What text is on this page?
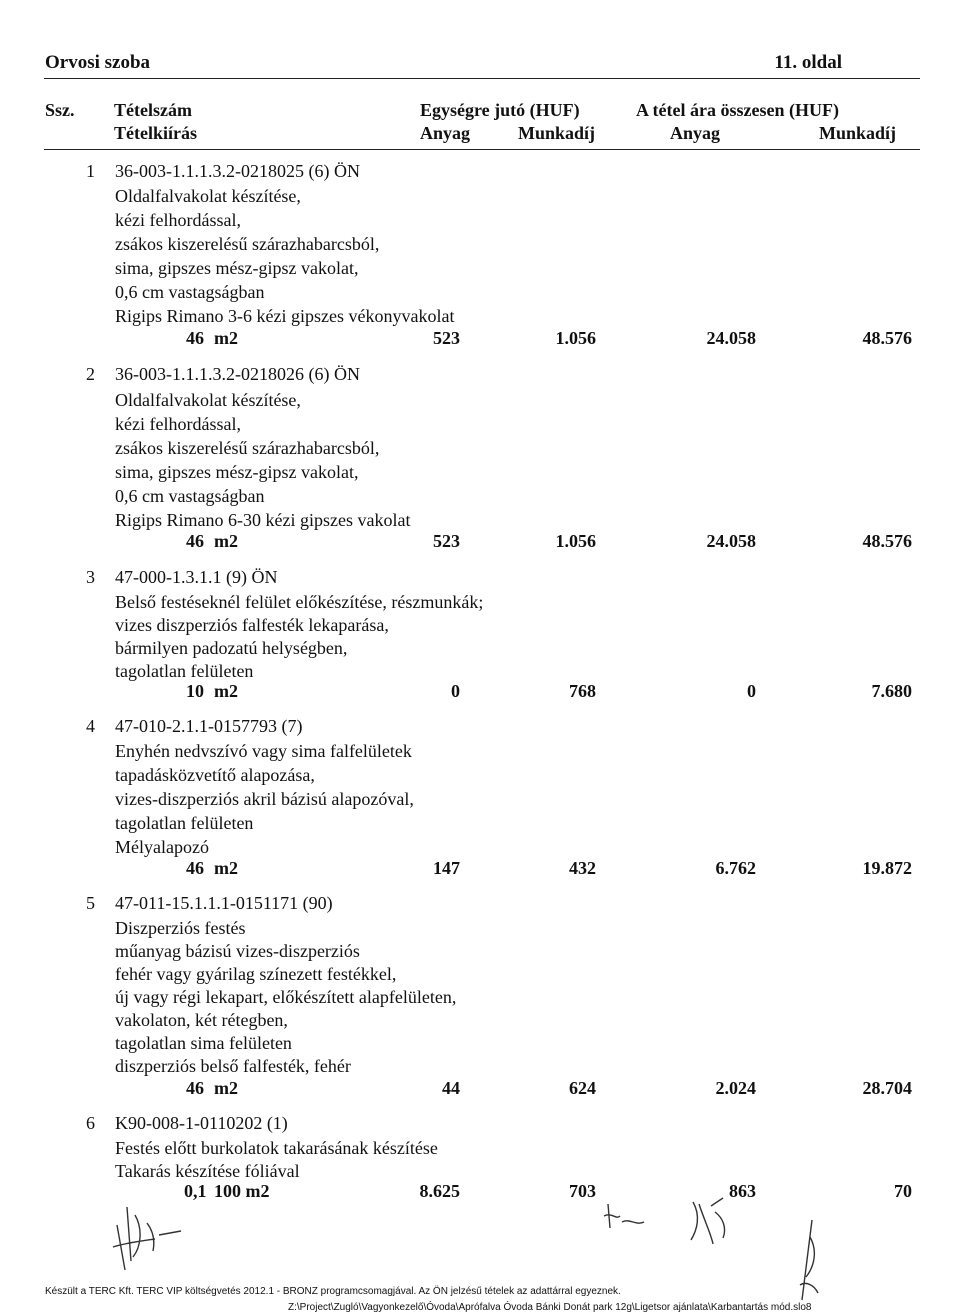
Orvosi szoba	11. oldal
Ssz. Tételszám
Tételkiírás
Egységre jutó (HUF)	A tétel ára összesen (HUF)
Anyag	Munkadíj	Anyag	Munkadíj
1 36-003-1.1.1.3.2-0218025 (6) ÖN
Oldalfalvakolat készítése,
kézi felhordással,
zsákos kiszerelésű szárazhabarcsból,
sima, gipszes mész-gipsz vakolat,
0,6 cm vastagságban
Rigips Rimano 3-6 kézi gipszes vékonyvakolat
46 m2	523	1.056	24.058	48.576
2 36-003-1.1.1.3.2-0218026 (6) ÖN
Oldalfalvakolat készítése,
kézi felhordással,
zsákos kiszerelésű szárazhabarcsból,
sima, gipszes mész-gipsz vakolat,
0,6 cm vastagságban
Rigips Rimano 6-30 kézi gipszes vakolat
46 m2	523	1.056	24.058	48.576
3 47-000-1.3.1.1 (9) ÖN
Belső festéseknél felület előkészítése, részmunkák;
vizes diszperziós falfesték lekaparása,
bármilyen padozatú helységben,
tagolatlan felületen
10 m2	0	768	0	7.680
4 47-010-2.1.1-0157793 (7)
Enyhén nedvszívó vagy sima falfelületek
tapadásközvetítő alapozása,
vizes-diszperziós akril bázisú alapozóval,
tagolatlan felületen
Mélyalapozó
46 m2	147	432	6.762	19.872
5 47-011-15.1.1.1-0151171 (90)
Diszperziós festés
műanyag bázisú vizes-diszperziós
fehér vagy gyárilag színezett festékkel,
új vagy régi lekapart, előkészített alapfelületen,
vakolaton, két rétegben,
tagolatlan sima felületen
diszperziós belső falfesték, fehér
46 m2	44	624	2.024	28.704
6 K90-008-1-0110202 (1)
Festés előtt burkolatok takarásának készítése
Takarás készítése fóliával
0,1 100 m2	8.625	703	863	70
Készült a TERC Kft. TERC VIP költségvetés 2012.1 - BRONZ programcsomagjával. Az ÖN jelzésű tételek az adattárral egyeznek.
Z:\Project\Zugló\Vagyonkezelő\Óvoda\Aprófalva Óvoda Bánki Donát park 12g\Ligetsor ajánlata\Karbantartás mód.slo8
